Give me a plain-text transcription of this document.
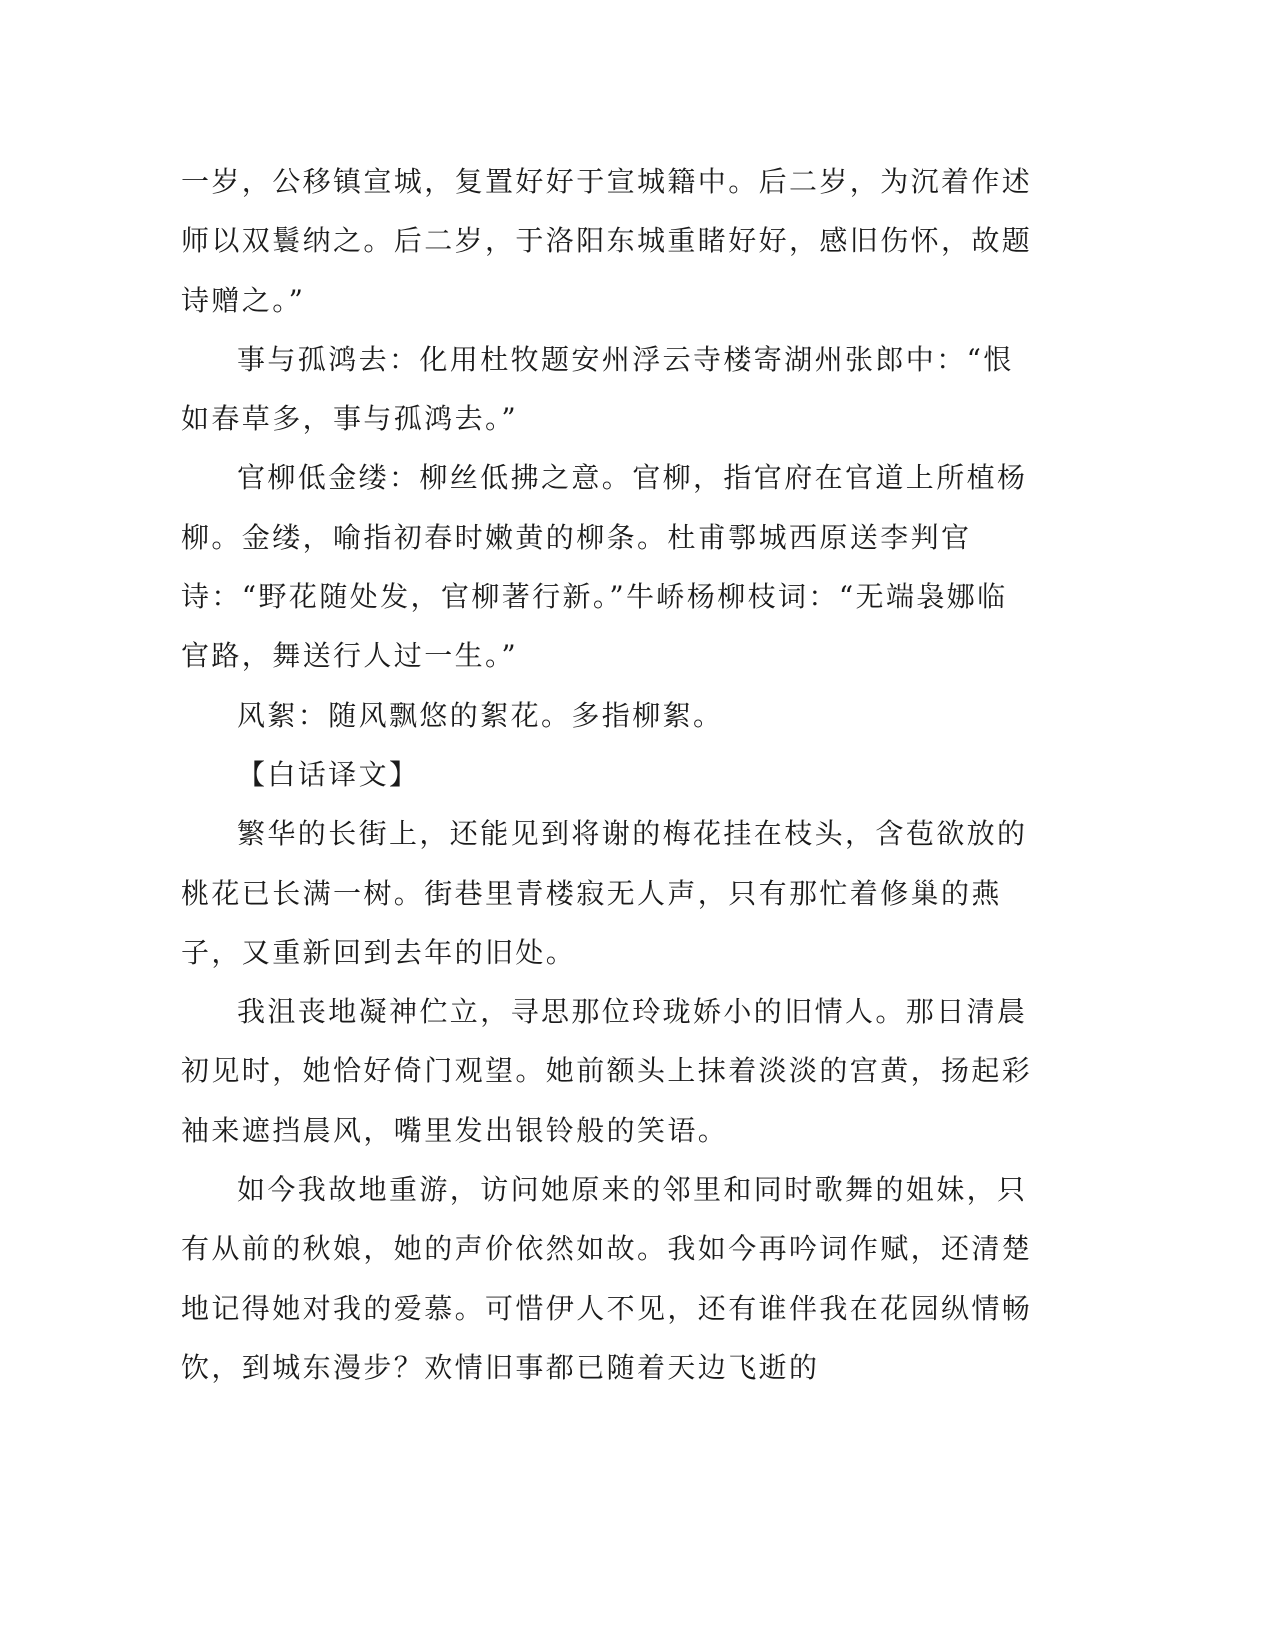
一岁，公移镇宣城，复置好好于宣城籍中。后二岁，为沉着作述师以双鬟纳之。后二岁，于洛阳东城重睹好好，感旧伤怀，故题诗赠之。”

事与孤鸿去：化用杜牧题安州浮云寺楼寄湖州张郎中：“恨如春草多，事与孤鸿去。”

官柳低金缕：柳丝低拂之意。官柳，指官府在官道上所植杨柳。金缕，喻指初春时嫩黄的柳条。杜甫鄠城西原送李判官诗：“野花随处发，官柳著行新。”牛峤杨柳枝词：“无端袅娜临官路，舞送行人过一生。”

风絮：随风飘悠的絮花。多指柳絮。

【白话译文】

繁华的长街上，还能见到将谢的梅花挂在枝头，含苞欲放的桃花已长满一树。街巷里青楼寂无人声，只有那忙着修巢的燕子，又重新回到去年的旧处。

我沮丧地凝神伫立，寻思那位玲珑娇小的旧情人。那日清晨初见时，她恰好倚门观望。她前额头上抹着淡淡的宫黄，扬起彩袖来遮挡晨风，嘴里发出银铃般的笑语。

如今我故地重游，访问她原来的邻里和同时歌舞的姐妹，只有从前的秋娘，她的声价依然如故。我如今再吟词作赋，还清楚地记得她对我的爱慕。可惜伊人不见，还有谁伴我在花园纵情畅饮，到城东漫步？欢情旧事都已随着天边飞逝的
